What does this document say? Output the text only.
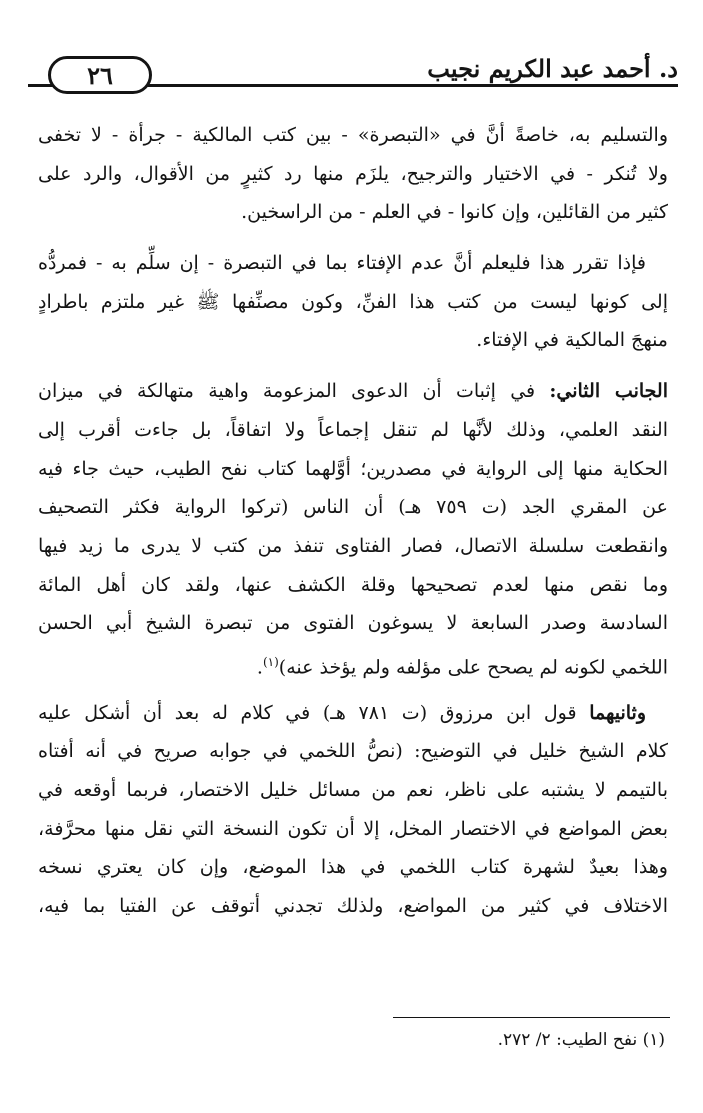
٢٦	د. أحمد عبد الكريم نجيب
والتسليم به، خاصةً أنَّ في «التبصرة» - بين كتب المالكية - جرأة - لا تخفى
ولا تُنكر - في الاختيار والترجيح، يلزَم منها رد كثيرٍ من الأقوال، والرد على
كثير من القائلين، وإن كانوا - في العلم - من الراسخين.
فإذا تقرر هذا فليعلم أنَّ عدم الإفتاء بما في التبصرة - إن سلِّم به - فمردُّه
إلى كونها ليست من كتب هذا الفنِّ، وكون مصنِّفها ﷺ غير ملتزم باطرادٍ
منهجَ المالكية في الإفتاء.
الجانب الثاني: في إثبات أن الدعوى المزعومة واهية متهالكة في ميزان
النقد العلمي، وذلك لأنَّها لم تنقل إجماعاً ولا اتفاقاً، بل جاءت أقرب إلى
الحكاية منها إلى الرواية في مصدرين؛ أوَّلهما كتاب نفح الطيب، حيث جاء فيه
عن المقري الجد (ت ٧٥٩ هـ) أن الناس (تركوا الرواية فكثر التصحيف
وانقطعت سلسلة الاتصال، فصار الفتاوى تنفذ من كتب لا يدرى ما زيد فيها
وما نقص منها لعدم تصحيحها وقلة الكشف عنها، ولقد كان أهل المائة
السادسة وصدر السابعة لا يسوغون الفتوى من تبصرة الشيخ أبي الحسن
اللخمي لكونه لم يصحح على مؤلفه ولم يؤخذ عنه)$^{(١)}$.
وثانيهما قول ابن مرزوق (ت ٧٨١ هـ) في كلام له بعد أن أشكل عليه
كلام الشيخ خليل في التوضيح: (نصُّ اللخمي في جوابه صريح في أنه أفتاه
بالتيمم لا يشتبه على ناظر، نعم من مسائل خليل الاختصار، فربما أوقعه في
بعض المواضع في الاختصار المخل، إلا أن تكون النسخة التي نقل منها محرَّفة،
وهذا بعيدٌ لشهرة كتاب اللخمي في هذا الموضع، وإن كان يعتري نسخه
الاختلاف في كثير من المواضع، ولذلك تجدني أتوقف عن الفتيا بما فيه،
(١) نفح الطيب: ٢/ ٢٧٢.
